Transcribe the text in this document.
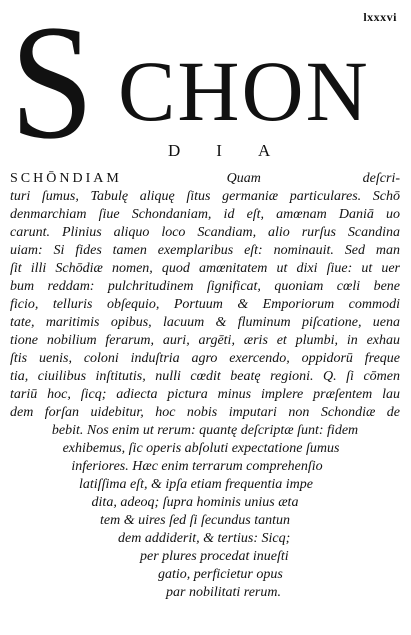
lxxxvi
S CHON
DIA
SCHŌNDIAM Quam deſcri-
turi ſumus, Tabulę aliquę ſitus germaniæ particulares. Schō
denmarchiam ſiue Schondaniam, id eſt, amœnam Daniā uo
carunt. Plinius aliquo loco Scandiam, alio rurſus Scandina
uiam: Si fides tamen exemplaribus eſt: nominauit. Sed man
ſit illi Schōdiæ nomen, quod amœnitatem ut dixi ſiue: ut uer
bum reddam: pulchritudinem ſignificat, quoniam cœli bene
ficio, telluris obſequio, Portuum & Emporiorum commodi
tate, maritimis opibus, lacuum & fluminum piſcatione, uena
tione nobilium ferarum, auri, argēti, æris et plumbi, in exhau
ſtis uenis, coloni induſtria agro exercendo, oppidorū freque
tia, ciuilibus inſtitutis, nulli cœdit beatę regioni. Q. ſi cōmen
tariū hoc, ſicq; adiecta pictura minus implere præſentem lau
dem forſan uidebitur, hoc nobis imputari non Schondiæ de
bebit. Nos enim ut rerum: quantę deſcriptæ ſunt: fidem
exhibemus, ſic operis abſoluti expectatione ſumus
inferiores. Hæc enim terrarum comprehenſio
latiſſima eſt, & ipſa etiam frequentia impe
dita, adeoq; ſupra hominis unius æta
tem & uires ſed ſi ſecundus tantun
dem addiderit, & tertius: Sicq;
per plures procedat inueſti
gatio, perficietur opus
par nobilitati rerum.
